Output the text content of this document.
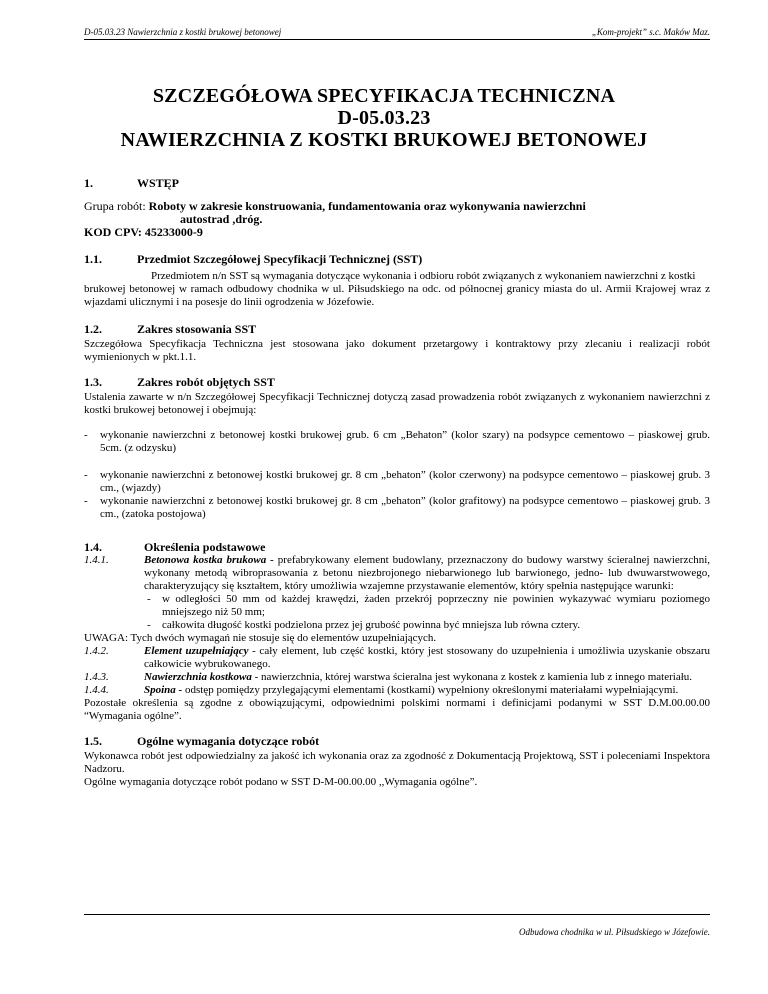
D-05.03.23 Nawierzchnia z kostki brukowej betonowej	„Kom-projekt” s.c. Maków Maz.
SZCZEGÓŁOWA SPECYFIKACJA TECHNICZNA
D-05.03.23
NAWIERZCHNIA Z KOSTKI BRUKOWEJ BETONOWEJ
1.	WSTĘP
Grupa robót: Roboty w zakresie konstruowania, fundamentowania oraz wykonywania nawierzchni
autostrad ,dróg.
KOD CPV: 45233000-9
1.1.	Przedmiot Szczegółowej Specyfikacji Technicznej (SST)

Przedmiotem n/n SST są wymagania dotyczące wykonania i odbioru robót związanych z wykonaniem nawierzchni z kostki

brukowej betonowej w ramach odbudowy chodnika w ul. Piłsudskiego na odc. od północnej granicy miasta do ul. Armii Krajowej wraz z wjazdami ulicznymi i na posesje do linii ogrodzenia w Józefowie.

1.2.	Zakres stosowania SST

Szczegółowa Specyfikacja Techniczna jest stosowana jako dokument przetargowy i kontraktowy przy zlecaniu i realizacji robót wymienionych w pkt.1.1.

1.3.	Zakres robót objętych SST

Ustalenia zawarte w n/n Szczegółowej Specyfikacji Technicznej dotyczą zasad prowadzenia robót związanych z wykonaniem nawierzchni z kostki brukowej betonowej i obejmują:

-	wykonanie nawierzchni z betonowej kostki brukowej grub. 6 cm „Behaton” (kolor szary) na podsypce cementowo – piaskowej grub. 5cm. (z odzysku)
-	wykonanie nawierzchni z betonowej kostki brukowej gr. 8 cm „behaton” (kolor czerwony) na podsypce cementowo – piaskowej grub. 3 cm., (wjazdy)
-	wykonanie nawierzchni z betonowej kostki brukowej gr. 8 cm „behaton” (kolor grafitowy) na podsypce cementowo – piaskowej grub. 3 cm., (zatoka postojowa)
1.4.	Określenia podstawowe
1.4.1.	Betonowa kostka brukowa - prefabrykowany element budowlany, przeznaczony do budowy warstwy ścieralnej nawierzchni, wykonany metodą wibroprasowania z betonu niezbrojonego niebarwionego lub barwionego, jedno- lub dwuwarstwowego, charakteryzujący się kształtem, który umożliwia wzajemne przystawanie elementów, który spełnia następujące warunki:
-	w odległości 50 mm od każdej krawędzi, żaden przekrój poprzeczny nie powinien wykazywać wymiaru poziomego mniejszego niż 50 mm;
-	całkowita długość kostki podzielona przez jej grubość powinna być mniejsza lub równa cztery.

UWAGA: Tych dwóch wymagań nie stosuje się do elementów uzupełniających.

1.4.2.	Element uzupełniający - cały element, lub część kostki, który jest stosowany do uzupełnienia i umożliwia uzyskanie obszaru całkowicie wybrukowanego.
1.4.3.	Nawierzchnia kostkowa - nawierzchnia, której warstwa ścieralna jest wykonana z kostek z kamienia lub z innego materiału.
1.4.4.	Spoina - odstęp pomiędzy przylegającymi elementami (kostkami) wypełniony określonymi materiałami wypełniającymi.

Pozostałe określenia są zgodne z obowiązującymi, odpowiednimi polskimi normami i definicjami podanymi w SST D.M.00.00.00 “Wymagania ogólne”.

1.5.	Ogólne wymagania dotyczące robót

Wykonawca robót jest odpowiedzialny za jakość ich wykonania oraz za zgodność z Dokumentacją Projektową, SST i poleceniami Inspektora Nadzoru.

Ogólne wymagania dotyczące robót podano w SST D-M-00.00.00 ,,Wymagania ogólne”.

Odbudowa chodnika w ul. Piłsudskiego w Józefowie.
